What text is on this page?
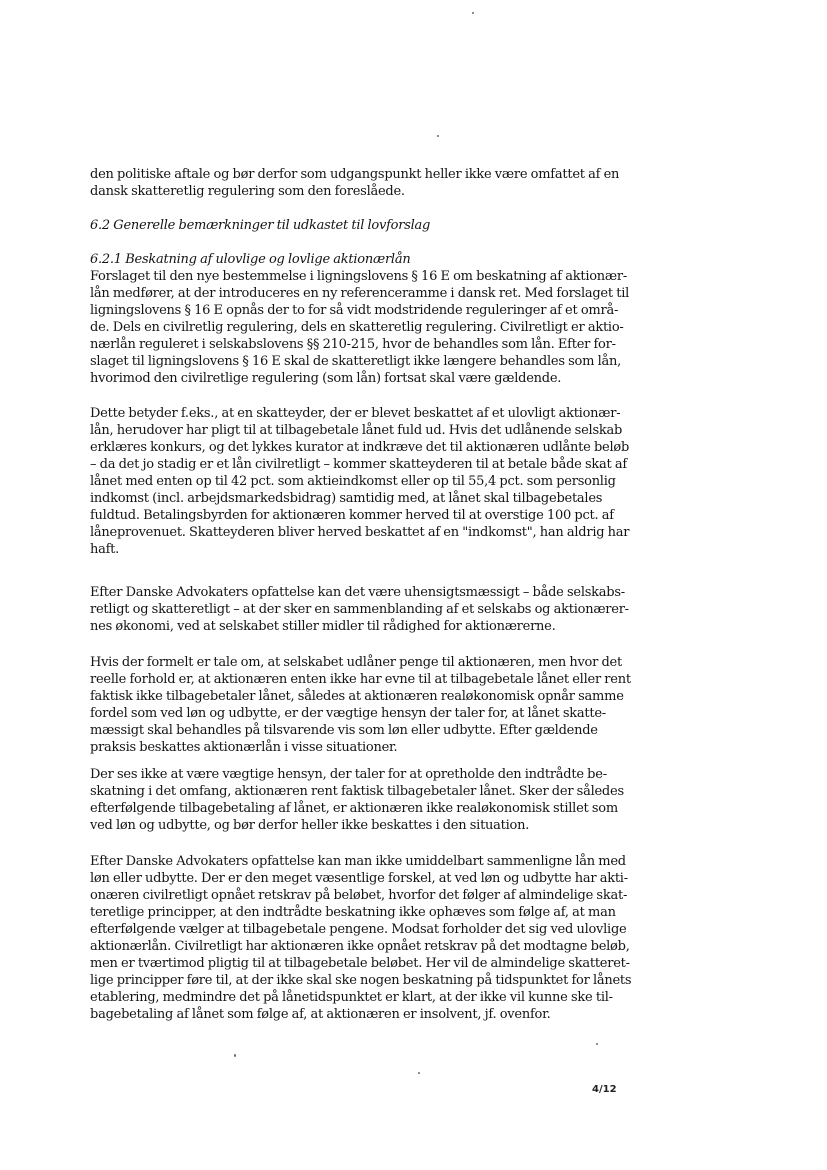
den politiske aftale og bør derfor som udgangspunkt heller ikke være omfattet af en
dansk skatteretlig regulering som den foreslåede.
6.2 Generelle bemærkninger til udkastet til lovforslag
6.2.1 Beskatning af ulovlige og lovlige aktionærlån
Forslaget til den nye bestemmelse i ligningslovens § 16 E om beskatning af aktionær-
lån medfører, at der introduceres en ny referenceramme i dansk ret. Med forslaget til
ligningslovens § 16 E opnås der to for så vidt modstridende reguleringer af et områ-
de. Dels en civilretlig regulering, dels en skatteretlig regulering. Civilretligt er aktio-
nærlån reguleret i selskabslovens §§ 210-215, hvor de behandles som lån. Efter for-
slaget til ligningslovens § 16 E skal de skatteretligt ikke længere behandles som lån,
hvorimod den civilretlige regulering (som lån) fortsat skal være gældende.
Dette betyder f.eks., at en skatteyder, der er blevet beskattet af et ulovligt aktionær-
lån, herudover har pligt til at tilbagebetale lånet fuld ud. Hvis det udlånende selskab
erklæres konkurs, og det lykkes kurator at indkræve det til aktionæren udlånte beløb
– da det jo stadig er et lån civilretligt – kommer skatteyderen til at betale både skat af
lånet med enten op til 42 pct. som aktieindkomst eller op til 55,4 pct. som personlig
indkomst (incl. arbejdsmarkedsbidrag) samtidig med, at lånet skal tilbagebetales
fuldtud. Betalingsbyrden for aktionæren kommer herved til at overstige 100 pct. af
låneprovenuet. Skatteyderen bliver herved beskattet af en "indkomst", han aldrig har
haft.
Efter Danske Advokaters opfattelse kan det være uhensigtsmæssigt – både selskabs-
retligt og skatteretligt – at der sker en sammenblanding af et selskabs og aktionærer-
nes økonomi, ved at selskabet stiller midler til rådighed for aktionærerne.
Hvis der formelt er tale om, at selskabet udlåner penge til aktionæren, men hvor det
reelle forhold er, at aktionæren enten ikke har evne til at tilbagebetale lånet eller rent
faktisk ikke tilbagebetaler lånet, således at aktionæren realøkonomisk opnår samme
fordel som ved løn og udbytte, er der vægtige hensyn der taler for, at lånet skatte-
mæssigt skal behandles på tilsvarende vis som løn eller udbytte. Efter gældende
praksis beskattes aktionærlån i visse situationer.
Der ses ikke at være vægtige hensyn, der taler for at opretholde den indtrådte be-
skatning i det omfang, aktionæren rent faktisk tilbagebetaler lånet. Sker der således
efterfølgende tilbagebetaling af lånet, er aktionæren ikke realøkonomisk stillet som
ved løn og udbytte, og bør derfor heller ikke beskattes i den situation.
Efter Danske Advokaters opfattelse kan man ikke umiddelbart sammenligne lån med
løn eller udbytte. Der er den meget væsentlige forskel, at ved løn og udbytte har akti-
onæren civilretligt opnået retskrav på beløbet, hvorfor det følger af almindelige skat-
teretlige principper, at den indtrådte beskatning ikke ophæves som følge af, at man
efterfølgende vælger at tilbagebetale pengene. Modsat forholder det sig ved ulovlige
aktionærlån. Civilretligt har aktionæren ikke opnået retskrav på det modtagne beløb,
men er tværtimod pligtig til at tilbagebetale beløbet. Her vil de almindelige skatteret-
lige principper føre til, at der ikke skal ske nogen beskatning på tidspunktet for lånets
etablering, medmindre det på lånetidspunktet er klart, at der ikke vil kunne ske til-
bagebetaling af lånet som følge af, at aktionæren er insolvent, jf. ovenfor.
4/12
